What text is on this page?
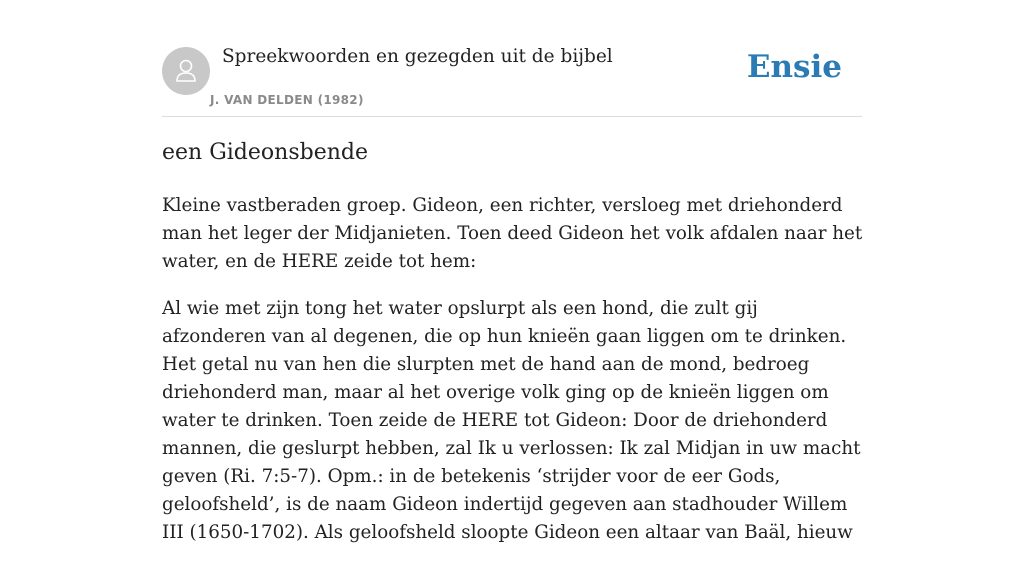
Spreekwoorden en gezegden uit de bijbel
J. VAN DELDEN (1982)
Ensie
een Gideonsbende

Kleine vastberaden groep. Gideon, een richter, versloeg met driehonderd man het leger der Midjanieten. Toen deed Gideon het volk afdalen naar het water, en de HERE zeide tot hem:

Al wie met zijn tong het water opslurpt als een hond, die zult gij afzonderen van al degenen, die op hun knieën gaan liggen om te drinken. Het getal nu van hen die slurpten met de hand aan de mond, bedroeg driehonderd man, maar al het overige volk ging op de knieën liggen om water te drinken. Toen zeide de HERE tot Gideon: Door de driehonderd mannen, die geslurpt hebben, zal Ik u verlossen: Ik zal Midjan in uw macht geven (Ri. 7:5-7). Opm.: in de betekenis ‘strijder voor de eer Gods, geloofsheld’, is de naam Gideon indertijd gegeven aan stadhouder Willem III (1650-1702). Als geloofsheld sloopte Gideon een altaar van Baäl, hieuw
